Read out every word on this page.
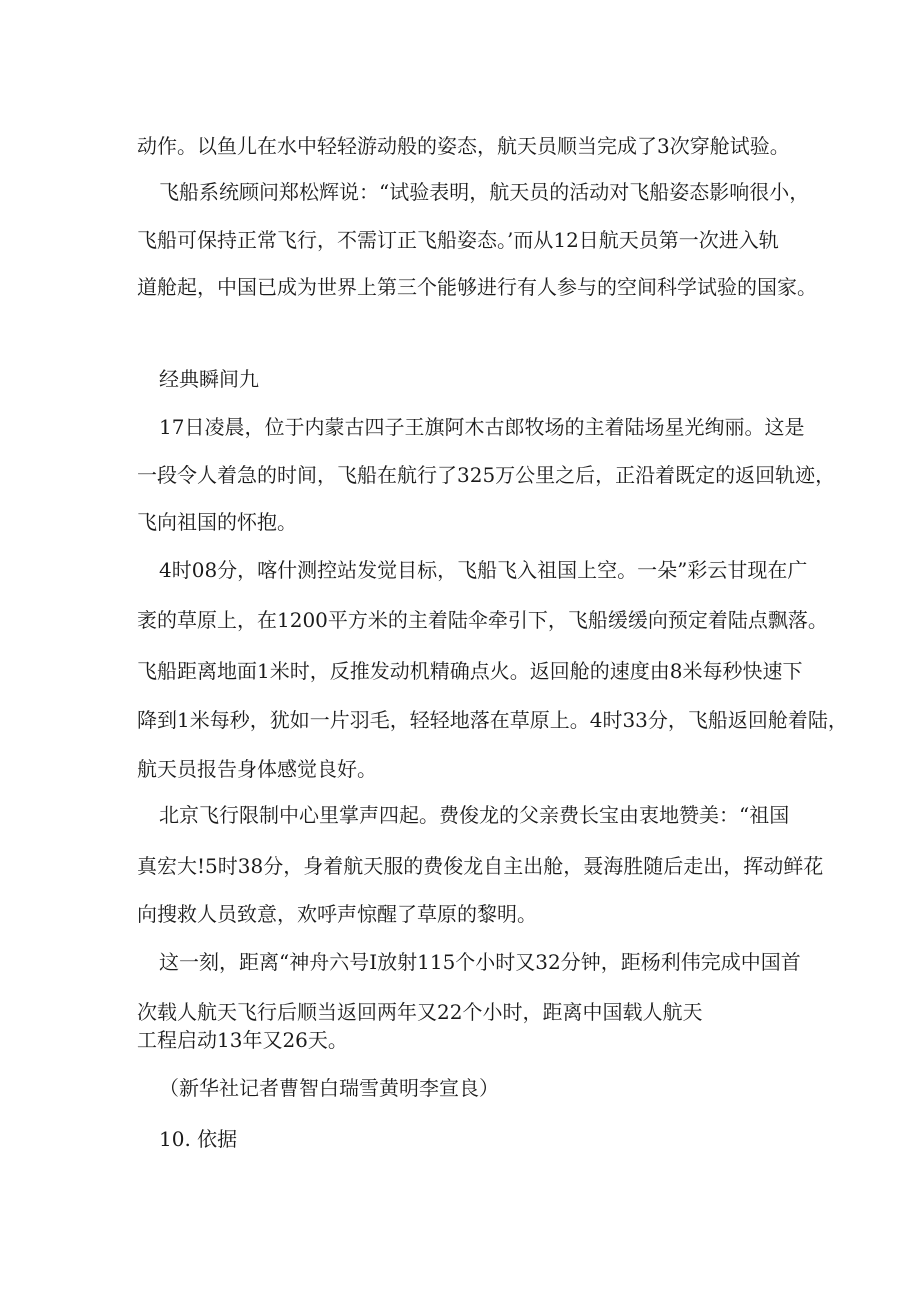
动作。以鱼儿在水中轻轻游动般的姿态，航天员顺当完成了3次穿舱试验。
飞船系统顾问郑松辉说：“试验表明，航天员的活动对飞船姿态影响很小，
飞船可保持正常飞行，不需订正飞船姿态。’而从12日航天员第一次进入轨
道舱起，中国已成为世界上第三个能够进行有人参与的空间科学试验的国家。
经典瞬间九
17日凌晨，位于内蒙古四子王旗阿木古郎牧场的主着陆场星光绚丽。这是
一段令人着急的时间，飞船在航行了325万公里之后，正沿着既定的返回轨迹，
飞向祖国的怀抱。
4时08分，喀什测控站发觉目标，飞船飞入祖国上空。一朵”彩云甘现在广
袤的草原上，在1200平方米的主着陆伞牵引下，飞船缓缓向预定着陆点飘落。
飞船距离地面1米时，反推发动机精确点火。返回舱的速度由8米每秒快速下
降到1米每秒，犹如一片羽毛，轻轻地落在草原上。4时33分，飞船返回舱着陆，
航天员报告身体感觉良好。
北京飞行限制中心里掌声四起。费俊龙的父亲费长宝由衷地赞美：“祖国
真宏大!5时38分，身着航天服的费俊龙自主出舱，聂海胜随后走出，挥动鲜花
向搜救人员致意，欢呼声惊醒了草原的黎明。
这一刻，距离“神舟六号I放射115个小时又32分钟，距杨利伟完成中国首
次载人航天飞行后顺当返回两年又22个小时，距离中国载人航天
工程启动13年又26天。
（新华社记者曹智白瑞雪黄明李宣良）
10. 依据
